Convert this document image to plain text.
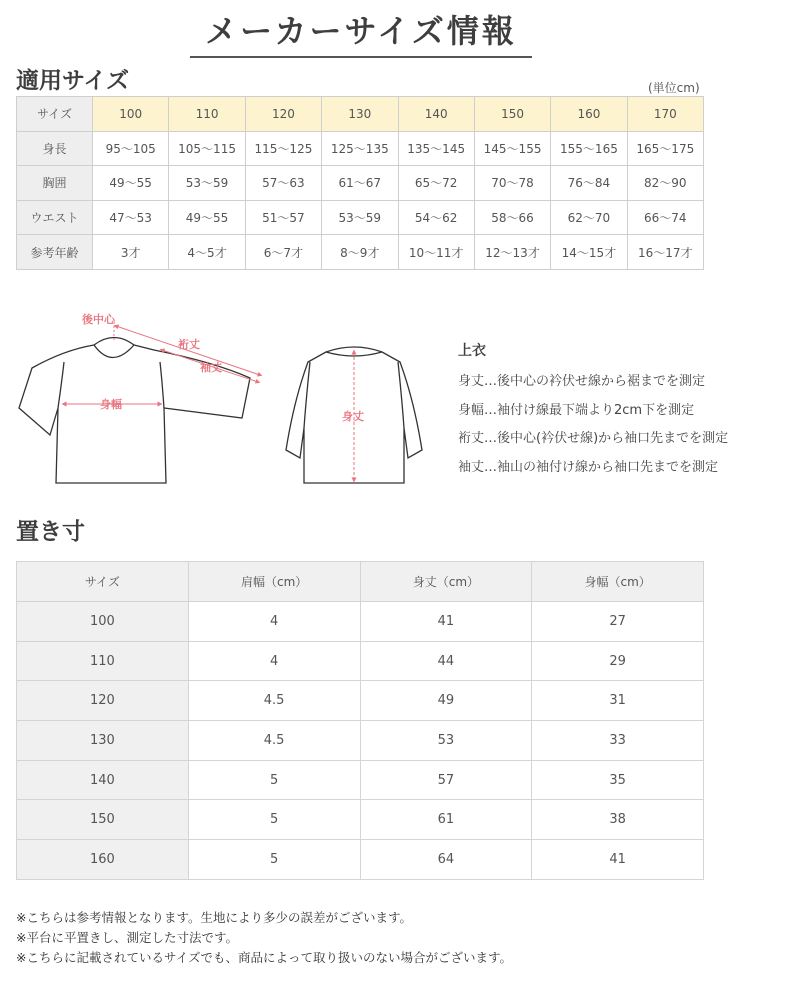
メーカーサイズ情報
適用サイズ	(単位cm)
サイズ	100	110	120	130	140	150	160	170
身長	95～105	105～115	115～125	125～135	135～145	145～155	155～165	165～175
胸囲	49～55	53～59	57～63	61～67	65～72	70～78	76～84	82～90
ウエスト	47～53	49～55	51～57	53～59	54～62	58～66	62～70	66～74
参考年齢	3才	4～5才	6～7才	8～9才	10～11才	12～13才	14～15才	16～17才
後中心
裄丈
袖丈
身幅
身丈
上衣
身丈…後中心の衿伏せ線から裾までを測定
身幅…袖付け線最下端より2cm下を測定
裄丈…後中心(衿伏せ線)から袖口先までを測定
袖丈…袖山の袖付け線から袖口先までを測定
置き寸
サイズ	肩幅（cm）	身丈（cm）	身幅（cm）
100	4	41	27
110	4	44	29
120	4.5	49	31
130	4.5	53	33
140	5	57	35
150	5	61	38
160	5	64	41
※こちらは参考情報となります。生地により多少の誤差がございます。
※平台に平置きし、測定した寸法です。
※こちらに記載されているサイズでも、商品によって取り扱いのない場合がございます。
